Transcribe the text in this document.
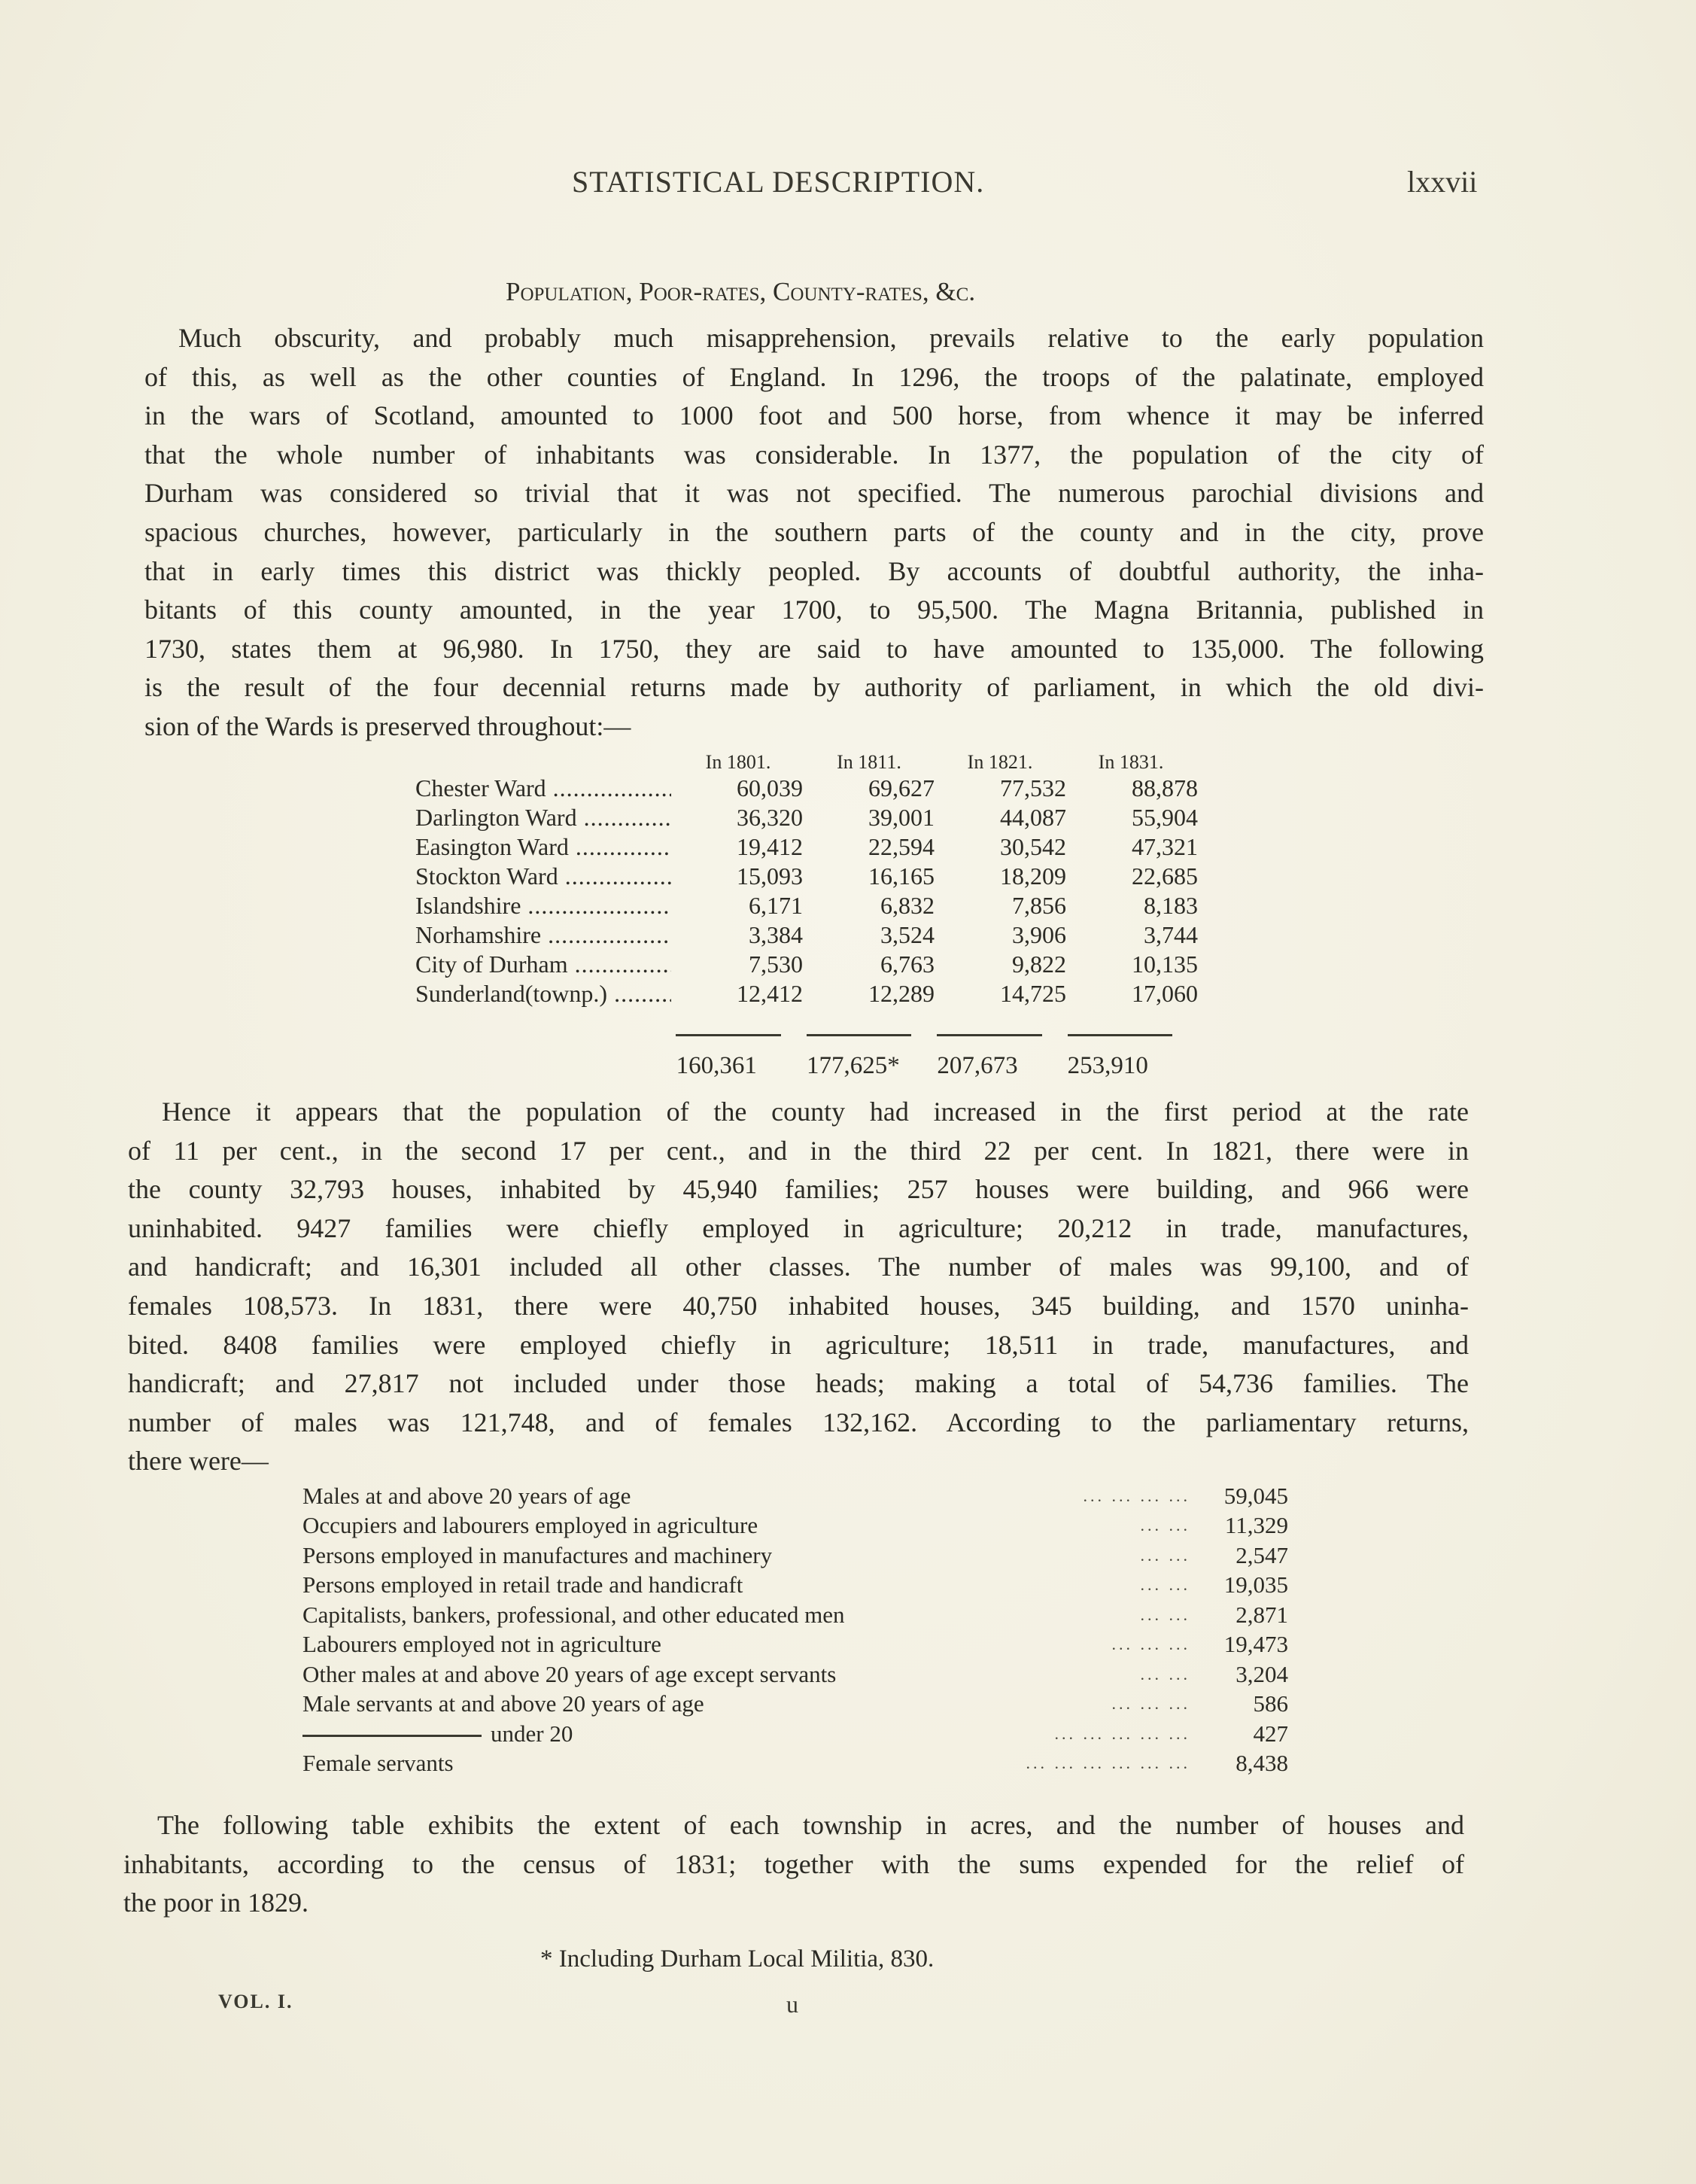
STATISTICAL DESCRIPTION.	lxxvii
Population, Poor-rates, County-rates, &c.
Much obscurity, and probably much misapprehension, prevails relative to the early population
of this, as well as the other counties of England. In 1296, the troops of the palatinate, employed
in the wars of Scotland, amounted to 1000 foot and 500 horse, from whence it may be inferred
that the whole number of inhabitants was considerable. In 1377, the population of the city of
Durham was considered so trivial that it was not specified. The numerous parochial divisions and
spacious churches, however, particularly in the southern parts of the county and in the city, prove
that in early times this district was thickly peopled. By accounts of doubtful authority, the inha-
bitants of this county amounted, in the year 1700, to 95,500. The Magna Britannia, published in
1730, states them at 96,980. In 1750, they are said to have amounted to 135,000. The following
is the result of the four decennial returns made by authority of parliament, in which the old divi-
sion of the Wards is preserved throughout:—
In 1801.	In 1811.	In 1821.	In 1831.
Chester Ward .....	60,039	69,627	77,532	88,878
Darlington Ward .....	36,320	39,001	44,087	55,904
Easington Ward .....	19,412	22,594	30,542	47,321
Stockton Ward .....	15,093	16,165	18,209	22,685
Islandshire .....	6,171	6,832	7,856	8,183
Norhamshire .....	3,384	3,524	3,906	3,744
City of Durham .....	7,530	6,763	9,822	10,135
Sunderland(townp.) .....	12,412	12,289	14,725	17,060
160,361	177,625*	207,673	253,910
Hence it appears that the population of the county had increased in the first period at the rate
of 11 per cent., in the second 17 per cent., and in the third 22 per cent. In 1821, there were in
the county 32,793 houses, inhabited by 45,940 families; 257 houses were building, and 966 were
uninhabited. 9427 families were chiefly employed in agriculture; 20,212 in trade, manufactures,
and handicraft; and 16,301 included all other classes. The number of males was 99,100, and of
females 108,573. In 1831, there were 40,750 inhabited houses, 345 building, and 1570 uninha-
bited. 8408 families were employed chiefly in agriculture; 18,511 in trade, manufactures, and
handicraft; and 27,817 not included under those heads; making a total of 54,736 families. The
number of males was 121,748, and of females 132,162. According to the parliamentary returns,
there were—
Males at and above 20 years of age	... ... ... ...	59,045
Occupiers and labourers employed in agriculture	... ...	11,329
Persons employed in manufactures and machinery	... ...	2,547
Persons employed in retail trade and handicraft	... ...	19,035
Capitalists, bankers, professional, and other educated men	... ...	2,871
Labourers employed not in agriculture	... ... ...	19,473
Other males at and above 20 years of age except servants	... ...	3,204
Male servants at and above 20 years of age	... ... ...	586
under 20	... ... ... ... ...	427
Female servants	... ... ... ... ... ...	8,438
The following table exhibits the extent of each township in acres, and the number of houses and
inhabitants, according to the census of 1831; together with the sums expended for the relief of
the poor in 1829.
* Including Durham Local Militia, 830.
VOL. I.	u
